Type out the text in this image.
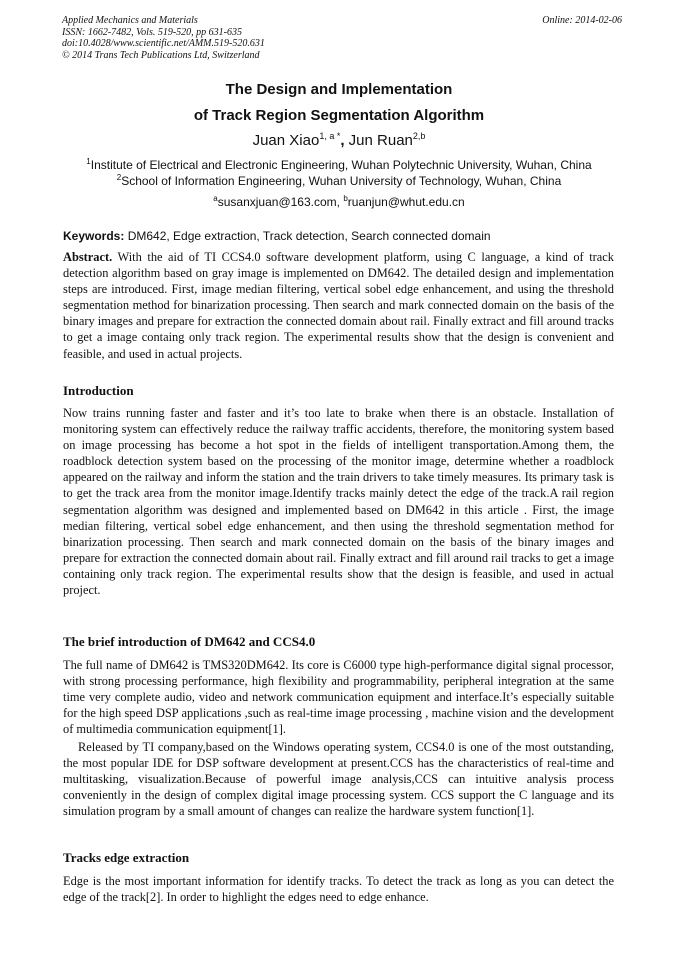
Applied Mechanics and Materials
ISSN: 1662-7482, Vols. 519-520, pp 631-635
doi:10.4028/www.scientific.net/AMM.519-520.631
© 2014 Trans Tech Publications Ltd, Switzerland
Online: 2014-02-06
The Design and Implementation
of Track Region Segmentation Algorithm
Juan Xiao$^{1, a *}$, Jun Ruan$^{2,b}$
$^1$Institute of Electrical and Electronic Engineering, Wuhan Polytechnic University, Wuhan, China
$^2$School of Information Engineering, Wuhan University of Technology, Wuhan, China
$^a$susanxjuan@163.com, $^b$ruanjun@whut.edu.cn
Keywords: DM642, Edge extraction, Track detection, Search connected domain

Abstract. With the aid of TI CCS4.0 software development platform, using C language, a kind of track detection algorithm based on gray image is implemented on DM642. The detailed design and implementation steps are introduced. First, image median filtering, vertical sobel edge enhancement, and using the threshold segmentation method for binarization processing. Then search and mark connected domain on the basis of the binary images and prepare for extraction the connected domain about rail. Finally extract and fill around tracks to get a image containg only track region. The experimental results show that the design is convenient and feasible, and used in actual projects.

Introduction

Now trains running faster and faster and it’s too late to brake when there is an obstacle. Installation of monitoring system can effectively reduce the railway traffic accidents, therefore, the monitoring system based on image processing has become a hot spot in the fields of intelligent transportation.Among them, the roadblock detection system based on the processing of the monitor image, determine whether a roadblock appeared on the railway and inform the station and the train drivers to take timely measures. Its primary task is to get the track area from the monitor image.Identify tracks mainly detect the edge of the track.A rail region segmentation algorithm was designed and implemented based on DM642 in this article . First, the image median filtering, vertical sobel edge enhancement, and then using the threshold segmentation method for binarization processing. Then search and mark connected domain on the basis of the binary images and prepare for extraction the connected domain about rail. Finally extract and fill around rail tracks to get a image containing only track region. The experimental results show that the design is feasible, and used in actual project.

The brief introduction of DM642 and CCS4.0

The full name of DM642 is TMS320DM642. Its core is C6000 type high-performance digital signal processor, with strong processing performance, high flexibility and programmability, peripheral integration at the same time very complete audio, video and network communication equipment and interface.It’s especially suitable for the high speed DSP applications ,such as real-time image processing , machine vision and the development of multimedia communication equipment[1].

Released by TI company,based on the Windows operating system, CCS4.0 is one of the most outstanding, the most popular IDE for DSP software development at present.CCS has the characteristics of real-time and multitasking, visualization.Because of powerful image analysis,CCS can intuitive analysis process conveniently in the design of complex digital image processing system. CCS support the C language and its simulation program by a small amount of changes can realize the hardware system function[1].

Tracks edge extraction

Edge is the most important information for identify tracks. To detect the track as long as you can detect the edge of the track[2]. In order to highlight the edges need to edge enhance.
